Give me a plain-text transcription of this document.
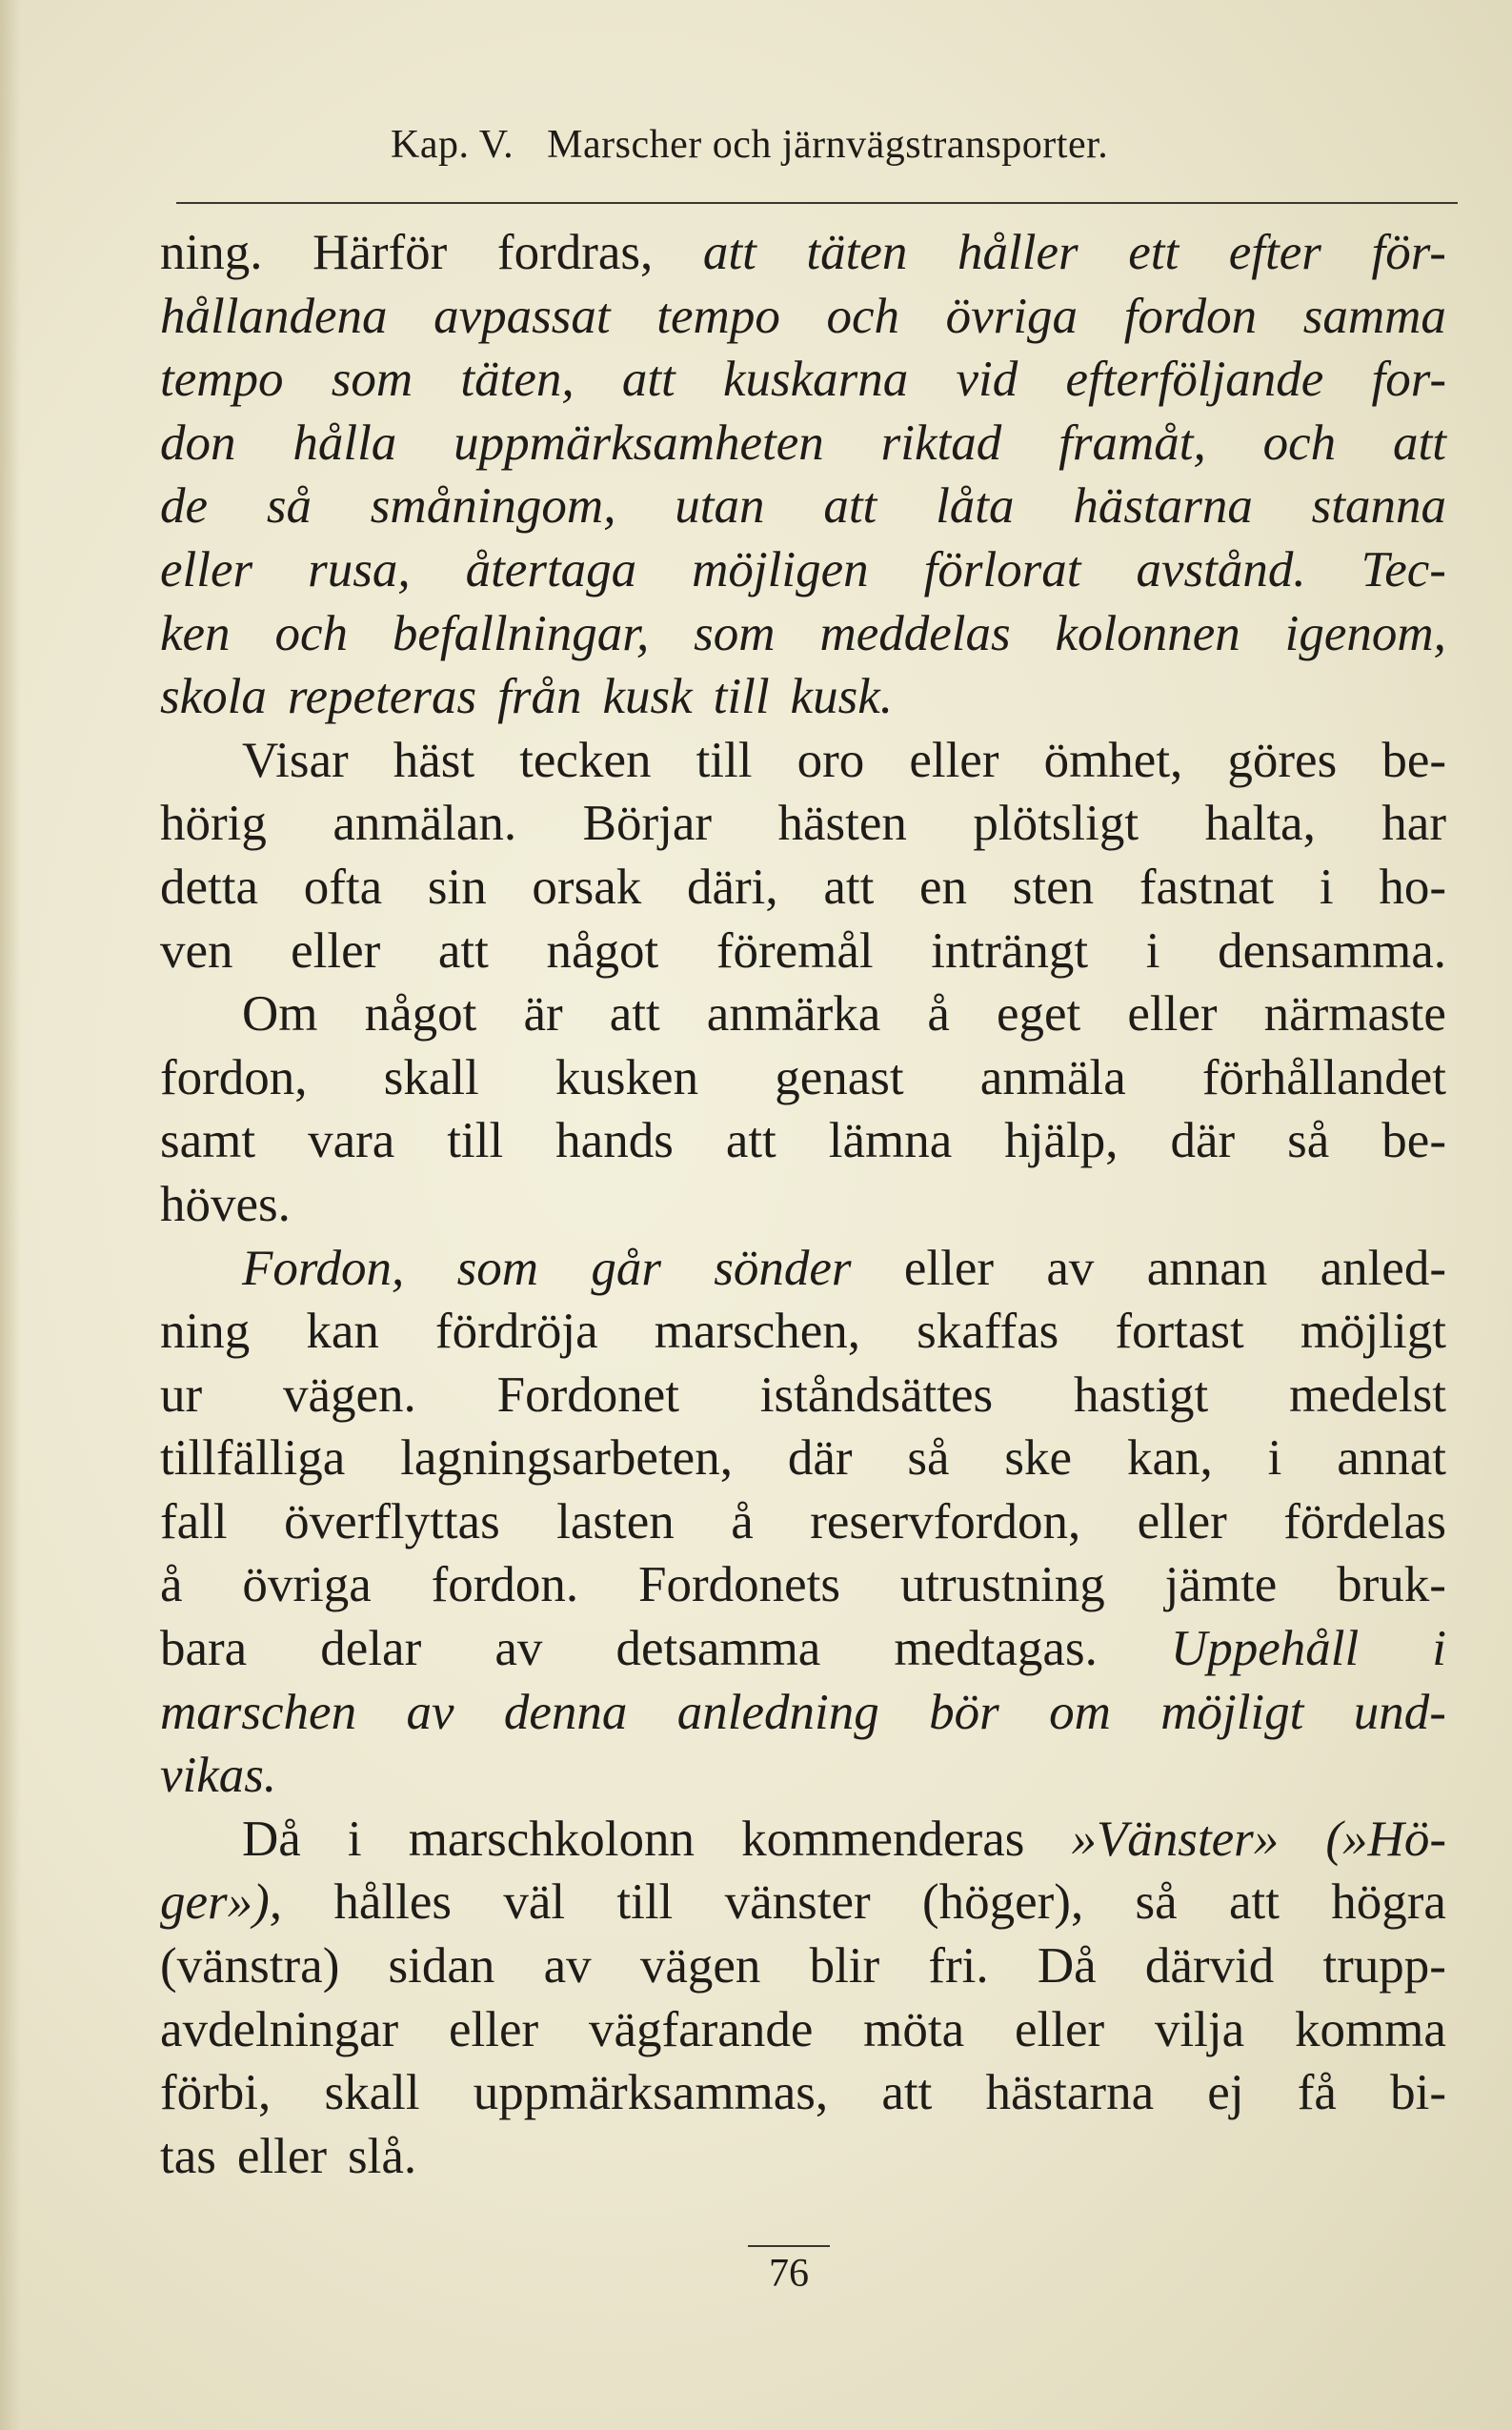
Kap. V. Marscher och järnvägstransporter.
ning. Härför fordras, att täten håller ett efter för-
hållandena avpassat tempo och övriga fordon samma
tempo som täten, att kuskarna vid efterföljande for-
don hålla uppmärksamheten riktad framåt, och att
de så småningom, utan att låta hästarna stanna
eller rusa, återtaga möjligen förlorat avstånd. Tec-
ken och befallningar, som meddelas kolonnen igenom,
skola repeteras från kusk till kusk.
Visar häst tecken till oro eller ömhet, göres be-
hörig anmälan. Börjar hästen plötsligt halta, har
detta ofta sin orsak däri, att en sten fastnat i ho-
ven eller att något föremål inträngt i densamma.
Om något är att anmärka å eget eller närmaste
fordon, skall kusken genast anmäla förhållandet
samt vara till hands att lämna hjälp, där så be-
höves.
Fordon, som går sönder eller av annan anled-
ning kan fördröja marschen, skaffas fortast möjligt
ur vägen. Fordonet iståndsättes hastigt medelst
tillfälliga lagningsarbeten, där så ske kan, i annat
fall överflyttas lasten å reservfordon, eller fördelas
å övriga fordon. Fordonets utrustning jämte bruk-
bara delar av detsamma medtagas. Uppehåll i
marschen av denna anledning bör om möjligt und-
vikas.
Då i marschkolonn kommenderas »Vänster» (»Hö-
ger»), hålles väl till vänster (höger), så att högra
(vänstra) sidan av vägen blir fri. Då därvid trupp-
avdelningar eller vägfarande möta eller vilja komma
förbi, skall uppmärksammas, att hästarna ej få bi-
tas eller slå.
76
